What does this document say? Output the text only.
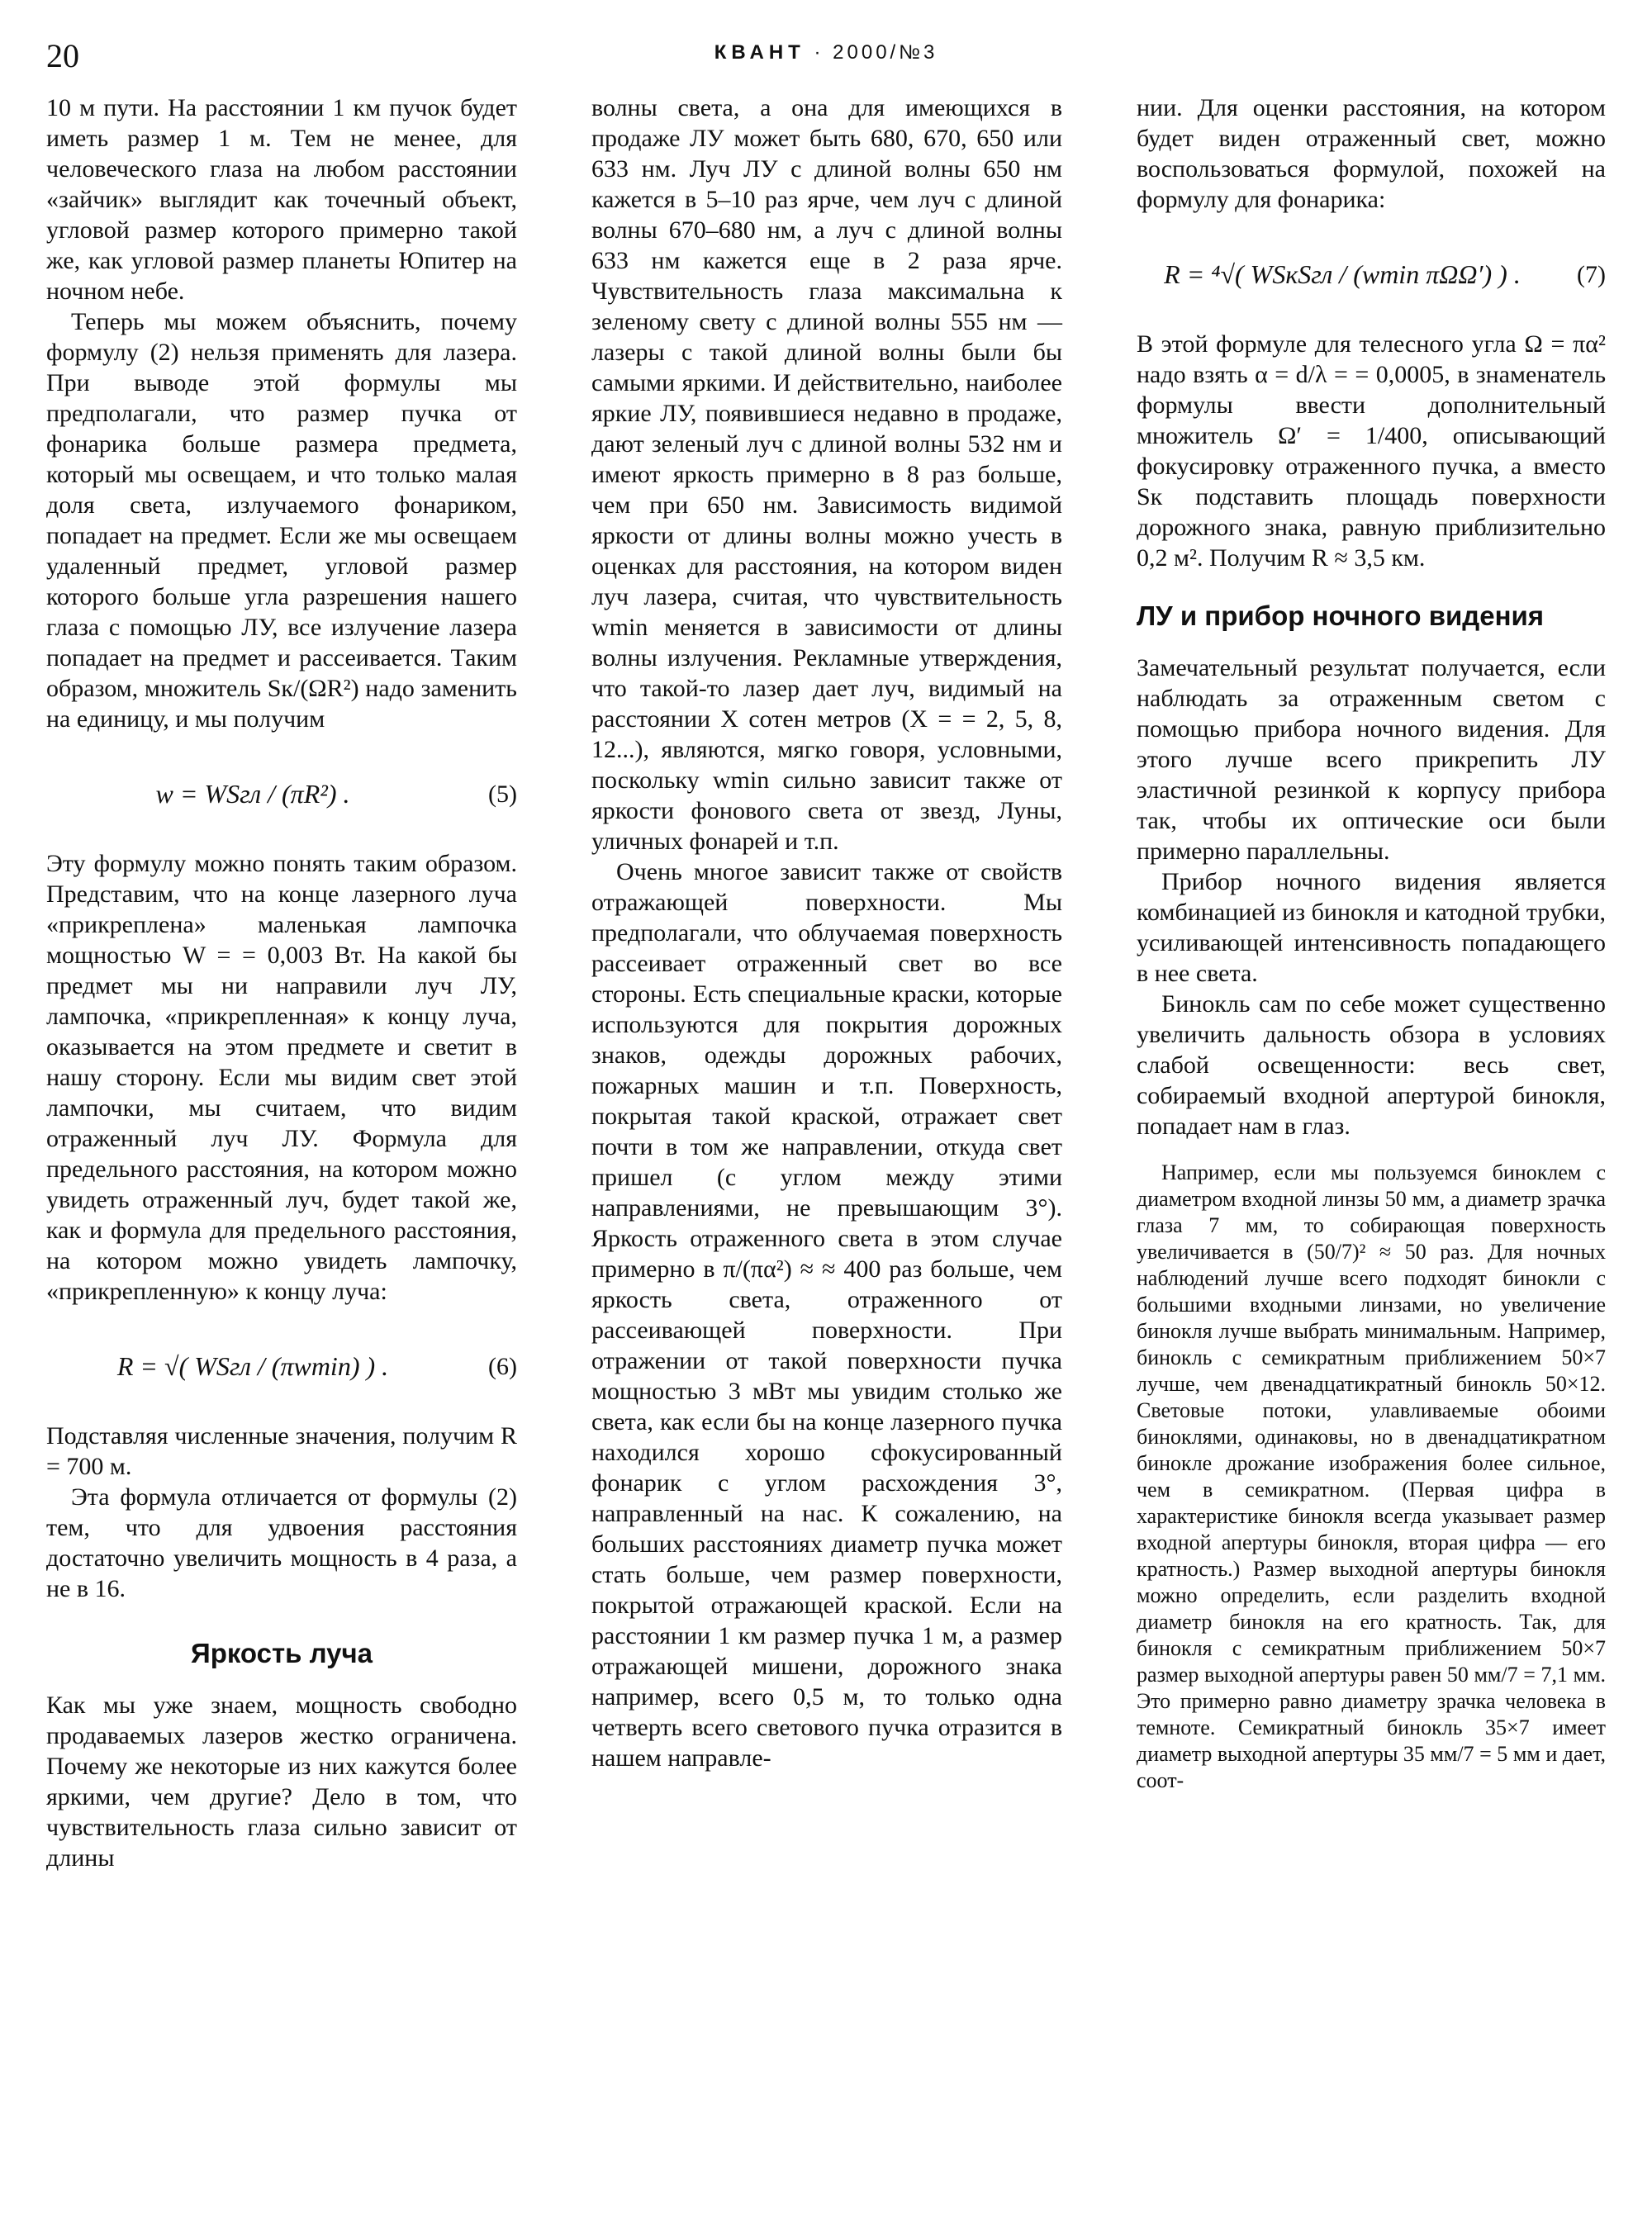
20	КВАНТ · 2000/№3

10 м пути. На расстоянии 1 км пучок будет иметь размер 1 м. Тем не менее, для человеческого глаза на любом расстоянии «зайчик» выглядит как точечный объект, угловой размер которого примерно такой же, как угловой размер планеты Юпитер на ночном небе.

Теперь мы можем объяснить, почему формулу (2) нельзя применять для лазера. При выводе этой формулы мы предполагали, что размер пучка от фонарика больше размера предмета, который мы освещаем, и что только малая доля света, излучаемого фонариком, попадает на предмет. Если же мы освещаем удаленный предмет, угловой размер которого больше угла разрешения нашего глаза с помощью ЛУ, все излучение лазера попадает на предмет и рассеивается. Таким образом, множитель Sк/(ΩR²) надо заменить на единицу, и мы получим

w = WSгл / (πR²) .	(5)

Эту формулу можно понять таким образом. Представим, что на конце лазерного луча «прикреплена» маленькая лампочка мощностью W = = 0,003 Вт. На какой бы предмет мы ни направили луч ЛУ, лампочка, «прикрепленная» к концу луча, оказывается на этом предмете и светит в нашу сторону. Если мы видим свет этой лампочки, мы считаем, что видим отраженный луч ЛУ. Формула для предельного расстояния, на котором можно увидеть отраженный луч, будет такой же, как и формула для предельного расстояния, на котором можно увидеть лампочку, «прикрепленную» к концу луча:

R = √( WSгл / (πwmin) ) .	(6)

Подставляя численные значения, получим R = 700 м.

Эта формула отличается от формулы (2) тем, что для удвоения расстояния достаточно увеличить мощность в 4 раза, а не в 16.

Яркость луча

Как мы уже знаем, мощность свободно продаваемых лазеров жестко ограничена. Почему же некоторые из них кажутся более яркими, чем другие? Дело в том, что чувствительность глаза сильно зависит от длины

волны света, а она для имеющихся в продаже ЛУ может быть 680, 670, 650 или 633 нм. Луч ЛУ с длиной волны 650 нм кажется в 5–10 раз ярче, чем луч с длиной волны 670–680 нм, а луч с длиной волны 633 нм кажется еще в 2 раза ярче. Чувствительность глаза максимальна к зеленому свету с длиной волны 555 нм — лазеры с такой длиной волны были бы самыми яркими. И действительно, наиболее яркие ЛУ, появившиеся недавно в продаже, дают зеленый луч с длиной волны 532 нм и имеют яркость примерно в 8 раз больше, чем при 650 нм. Зависимость видимой яркости от длины волны можно учесть в оценках для расстояния, на котором виден луч лазера, считая, что чувствительность wmin меняется в зависимости от длины волны излучения. Рекламные утверждения, что такой-то лазер дает луч, видимый на расстоянии X сотен метров (X = = 2, 5, 8, 12...), являются, мягко говоря, условными, поскольку wmin сильно зависит также от яркости фонового света от звезд, Луны, уличных фонарей и т.п.

Очень многое зависит также от свойств отражающей поверхности. Мы предполагали, что облучаемая поверхность рассеивает отраженный свет во все стороны. Есть специальные краски, которые используются для покрытия дорожных знаков, одежды дорожных рабочих, пожарных машин и т.п. Поверхность, покрытая такой краской, отражает свет почти в том же направлении, откуда свет пришел (с углом между этими направлениями, не превышающим 3°). Яркость отраженного света в этом случае примерно в π/(πα²) ≈ ≈ 400 раз больше, чем яркость света, отраженного от рассеивающей поверхности. При отражении от такой поверхности пучка мощностью 3 мВт мы увидим столько же света, как если бы на конце лазерного пучка находился хорошо сфокусированный фонарик с углом расхождения 3°, направленный на нас. К сожалению, на больших расстояниях диаметр пучка может стать больше, чем размер поверхности, покрытой отражающей краской. Если на расстоянии 1 км размер пучка 1 м, а размер отражающей мишени, дорожного знака например, всего 0,5 м, то только одна четверть всего светового пучка отразится в нашем направле-

нии. Для оценки расстояния, на котором будет виден отраженный свет, можно воспользоваться формулой, похожей на формулу для фонарика:

R = ⁴√( WSкSгл / (wmin πΩΩ′) ) .	(7)

В этой формуле для телесного угла Ω = πα² надо взять α = d/λ = = 0,0005, в знаменатель формулы ввести дополнительный множитель Ω′ = 1/400, описывающий фокусировку отраженного пучка, а вместо Sк подставить площадь поверхности дорожного знака, равную приблизительно 0,2 м². Получим R ≈ 3,5 км.

ЛУ и прибор ночного видения

Замечательный результат получается, если наблюдать за отраженным светом с помощью прибора ночного видения. Для этого лучше всего прикрепить ЛУ эластичной резинкой к корпусу прибора так, чтобы их оптические оси были примерно параллельны.

Прибор ночного видения является комбинацией из бинокля и катодной трубки, усиливающей интенсивность попадающего в нее света.

Бинокль сам по себе может существенно увеличить дальность обзора в условиях слабой освещенности: весь свет, собираемый входной апертурой бинокля, попадает нам в глаз.

Например, если мы пользуемся биноклем с диаметром входной линзы 50 мм, а диаметр зрачка глаза 7 мм, то собирающая поверхность увеличивается в (50/7)² ≈ 50 раз. Для ночных наблюдений лучше всего подходят бинокли с большими входными линзами, но увеличение бинокля лучше выбрать минимальным. Например, бинокль с семикратным приближением 50×7 лучше, чем двенадцатикратный бинокль 50×12. Световые потоки, улавливаемые обоими биноклями, одинаковы, но в двенадцатикратном бинокле дрожание изображения более сильное, чем в семикратном. (Первая цифра в характеристике бинокля всегда указывает размер входной апертуры бинокля, вторая цифра — его кратность.) Размер выходной апертуры бинокля можно определить, если разделить входной диаметр бинокля на его кратность. Так, для бинокля с семикратным приближением 50×7 размер выходной апертуры равен 50 мм/7 = 7,1 мм. Это примерно равно диаметру зрачка человека в темноте. Семикратный бинокль 35×7 имеет диаметр выходной апертуры 35 мм/7 = 5 мм и дает, соот-
